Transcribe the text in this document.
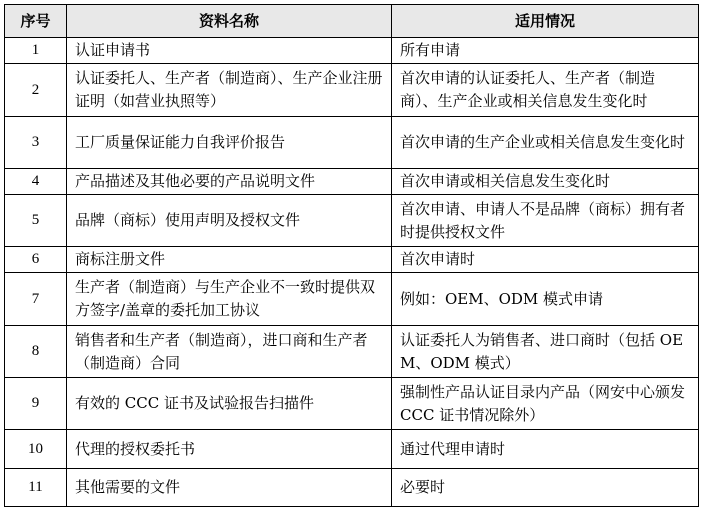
序号	资料名称	适用情况
1	认证申请书	所有申请
2	认证委托人、生产者（制造商）、生产企业注册证明（如营业执照等）	首次申请的认证委托人、生产者（制造商）、生产企业或相关信息发生变化时
3	工厂质量保证能力自我评价报告	首次申请的生产企业或相关信息发生变化时
4	产品描述及其他必要的产品说明文件	首次申请或相关信息发生变化时
5	品牌（商标）使用声明及授权文件	首次申请、申请人不是品牌（商标）拥有者时提供授权文件
6	商标注册文件	首次申请时
7	生产者（制造商）与生产企业不一致时提供双方签字/盖章的委托加工协议	例如：OEM、ODM 模式申请
8	销售者和生产者（制造商），进口商和生产者（制造商）合同	认证委托人为销售者、进口商时（包括 OEM、ODM 模式）
9	有效的 CCC 证书及试验报告扫描件	强制性产品认证目录内产品（网安中心颁发 CCC 证书情况除外）
10	代理的授权委托书	通过代理申请时
11	其他需要的文件	必要时
